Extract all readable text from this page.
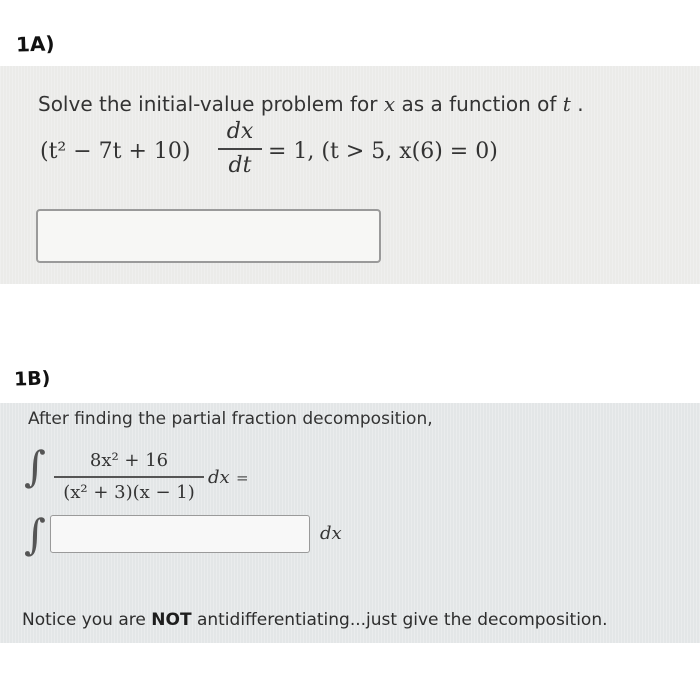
1A)
Solve the initial-value problem for x as a function of t .
(t² − 7t + 10)
dx
dt
= 1, (t > 5, x(6) = 0)
1B)
After finding the partial fraction decomposition,
∫	8x² + 16
(x² + 3)(x − 1)
dx =
∫	dx
Notice you are NOT antidifferentiating...just give the decomposition.
